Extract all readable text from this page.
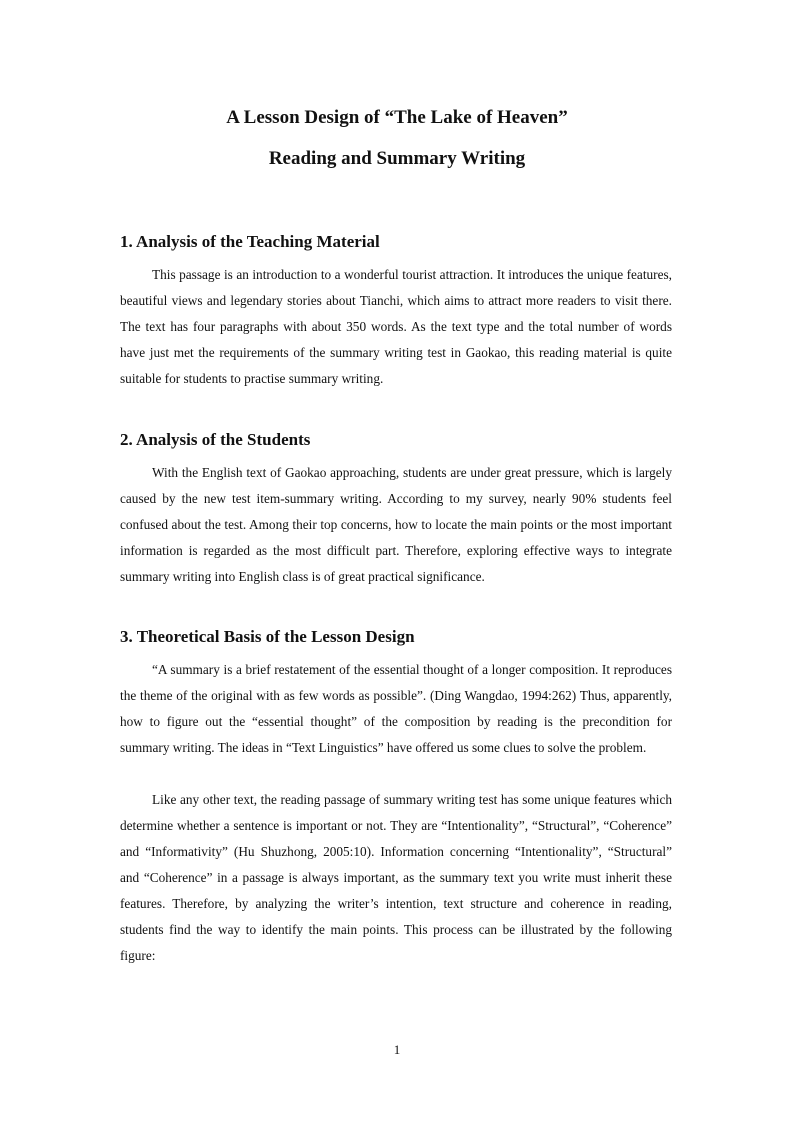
A Lesson Design of “The Lake of Heaven”
Reading and Summary Writing
1. Analysis of the Teaching Material

This passage is an introduction to a wonderful tourist attraction. It introduces the unique features, beautiful views and legendary stories about Tianchi, which aims to attract more readers to visit there. The text has four paragraphs with about 350 words. As the text type and the total number of words have just met the requirements of the summary writing test in Gaokao, this reading material is quite suitable for students to practise summary writing.

2. Analysis of the Students

With the English text of Gaokao approaching, students are under great pressure, which is largely caused by the new test item-summary writing. According to my survey, nearly 90% students feel confused about the test. Among their top concerns, how to locate the main points or the most important information is regarded as the most difficult part. Therefore, exploring effective ways to integrate summary writing into English class is of great practical significance.

3. Theoretical Basis of the Lesson Design

“A summary is a brief restatement of the essential thought of a longer composition. It reproduces the theme of the original with as few words as possible”. (Ding Wangdao, 1994:262) Thus, apparently, how to figure out the “essential thought” of the composition by reading is the precondition for summary writing. The ideas in “Text Linguistics” have offered us some clues to solve the problem.

Like any other text, the reading passage of summary writing test has some unique features which determine whether a sentence is important or not. They are “Intentionality”, “Structural”, “Coherence” and “Informativity” (Hu Shuzhong, 2005:10). Information concerning “Intentionality”, “Structural” and “Coherence” in a passage is always important, as the summary text you write must inherit these features. Therefore, by analyzing the writer’s intention, text structure and coherence in reading, students find the way to identify the main points. This process can be illustrated by the following figure:

1
